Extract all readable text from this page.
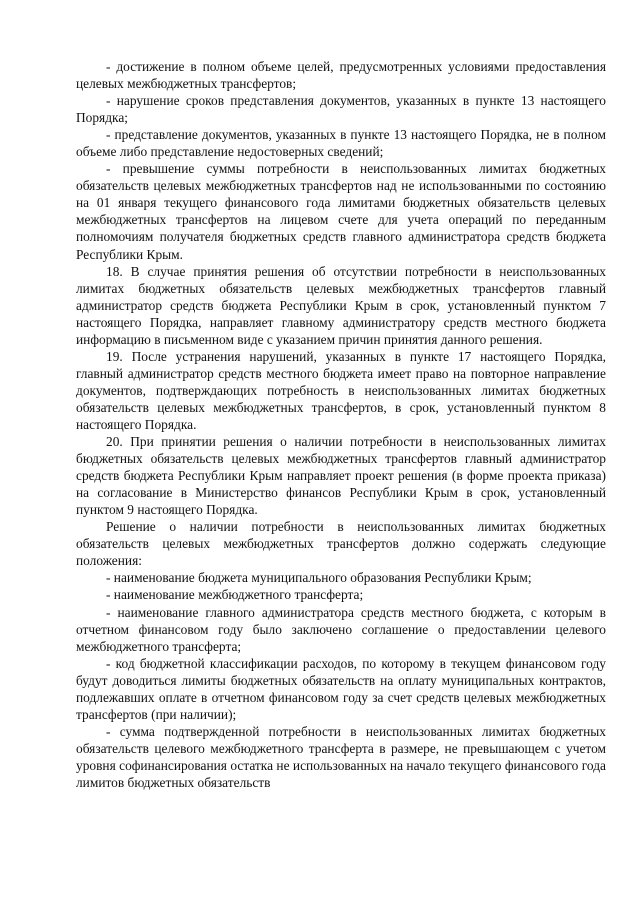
- достижение в полном объеме целей, предусмотренных условиями предоставления целевых межбюджетных трансфертов;

- нарушение сроков представления документов, указанных в пункте 13 настоящего Порядка;

- представление документов, указанных в пункте 13 настоящего Порядка, не в полном объеме либо представление недостоверных сведений;

- превышение суммы потребности в неиспользованных лимитах бюджетных обязательств целевых межбюджетных трансфертов над не использованными по состоянию на 01 января текущего финансового года лимитами бюджетных обязательств целевых межбюджетных трансфертов на лицевом счете для учета операций по переданным полномочиям получателя бюджетных средств главного администратора средств бюджета Республики Крым.

18. В случае принятия решения об отсутствии потребности в неиспользованных лимитах бюджетных обязательств целевых межбюджетных трансфертов главный администратор средств бюджета Республики Крым в срок, установленный пунктом 7 настоящего Порядка, направляет главному администратору средств местного бюджета информацию в письменном виде с указанием причин принятия данного решения.

19. После устранения нарушений, указанных в пункте 17 настоящего Порядка, главный администратор средств местного бюджета имеет право на повторное направление документов, подтверждающих потребность в неиспользованных лимитах бюджетных обязательств целевых межбюджетных трансфертов, в срок, установленный пунктом 8 настоящего Порядка.

20. При принятии решения о наличии потребности в неиспользованных лимитах бюджетных обязательств целевых межбюджетных трансфертов главный администратор средств бюджета Республики Крым направляет проект решения (в форме проекта приказа) на согласование в Министерство финансов Республики Крым в срок, установленный пунктом 9 настоящего Порядка.

Решение о наличии потребности в неиспользованных лимитах бюджетных обязательств целевых межбюджетных трансфертов должно содержать следующие положения:

- наименование бюджета муниципального образования Республики Крым;

- наименование межбюджетного трансферта;

- наименование главного администратора средств местного бюджета, с которым в отчетном финансовом году было заключено соглашение о предоставлении целевого межбюджетного трансферта;

- код бюджетной классификации расходов, по которому в текущем финансовом году будут доводиться лимиты бюджетных обязательств на оплату муниципальных контрактов, подлежавших оплате в отчетном финансовом году за счет средств целевых межбюджетных трансфертов (при наличии);

- сумма подтвержденной потребности в неиспользованных лимитах бюджетных обязательств целевого межбюджетного трансферта в размере, не превышающем с учетом уровня софинансирования остатка не использованных на начало текущего финансового года лимитов бюджетных обязательств
